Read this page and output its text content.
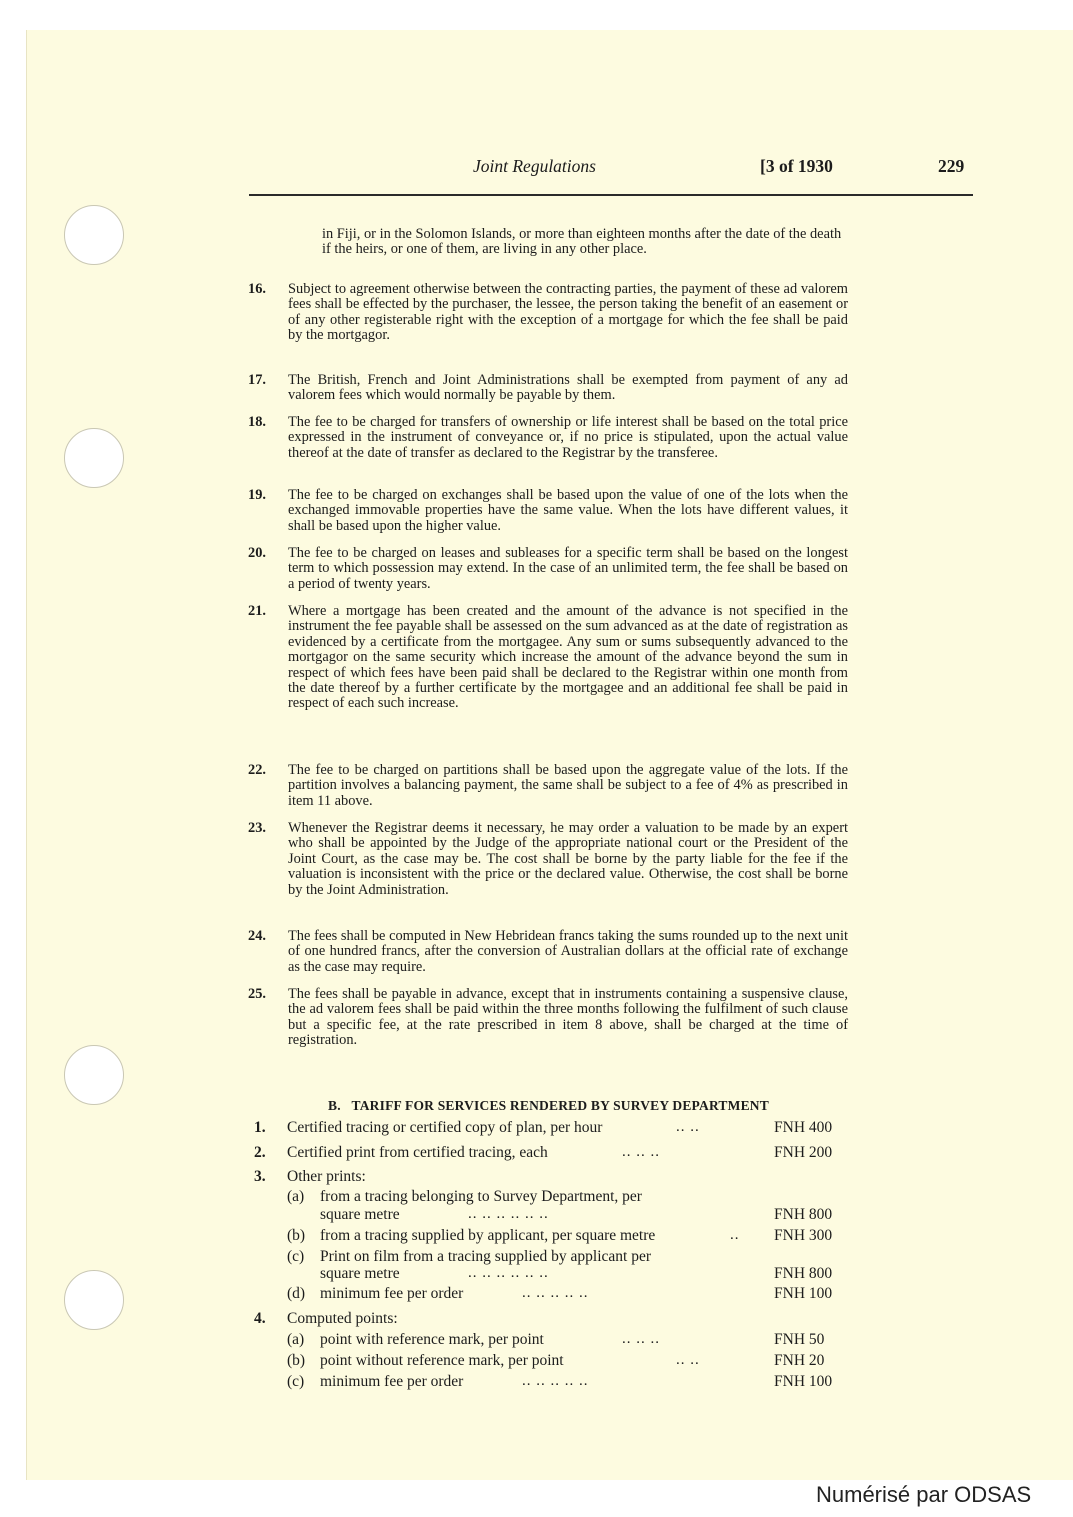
Joint Regulations	[3 of 1930	229
in Fiji, or in the Solomon Islands, or more than eighteen months after the date of the death if the heirs, or one of them, are living in any other place.
16.	Subject to agreement otherwise between the contracting parties, the payment of these ad valorem fees shall be effected by the purchaser, the lessee, the person taking the benefit of an easement or of any other registerable right with the exception of a mortgage for which the fee shall be paid by the mortgagor.
17.	The British, French and Joint Administrations shall be exempted from payment of any ad valorem fees which would normally be payable by them.
18.	The fee to be charged for transfers of ownership or life interest shall be based on the total price expressed in the instrument of conveyance or, if no price is stipulated, upon the actual value thereof at the date of transfer as declared to the Registrar by the transferee.
19.	The fee to be charged on exchanges shall be based upon the value of one of the lots when the exchanged immovable properties have the same value. When the lots have different values, it shall be based upon the higher value.
20.	The fee to be charged on leases and subleases for a specific term shall be based on the longest term to which possession may extend. In the case of an unlimited term, the fee shall be based on a period of twenty years.
21.	Where a mortgage has been created and the amount of the advance is not specified in the instrument the fee payable shall be assessed on the sum advanced as at the date of registration as evidenced by a certificate from the mortgagee. Any sum or sums subsequently advanced to the mortgagor on the same security which increase the amount of the advance beyond the sum in respect of which fees have been paid shall be declared to the Registrar within one month from the date thereof by a further certificate by the mortgagee and an additional fee shall be paid in respect of each such increase.
22.	The fee to be charged on partitions shall be based upon the aggregate value of the lots. If the partition involves a balancing payment, the same shall be subject to a fee of 4% as prescribed in item 11 above.
23.	Whenever the Registrar deems it necessary, he may order a valuation to be made by an expert who shall be appointed by the Judge of the appropriate national court or the President of the Joint Court, as the case may be. The cost shall be borne by the party liable for the fee if the valuation is inconsistent with the price or the declared value. Otherwise, the cost shall be borne by the Joint Administration.
24.	The fees shall be computed in New Hebridean francs taking the sums rounded up to the next unit of one hundred francs, after the conversion of Australian dollars at the official rate of exchange as the case may require.
25.	The fees shall be payable in advance, except that in instruments containing a suspensive clause, the ad valorem fees shall be paid within the three months following the fulfilment of such clause but a specific fee, at the rate prescribed in item 8 above, shall be charged at the time of registration.
B. TARIFF FOR SERVICES RENDERED BY SURVEY DEPARTMENT
1. Certified tracing or certified copy of plan, per hour	.. ..	FNH 400
2. Certified print from certified tracing, each	.. .. ..	FNH 200
3. Other prints:
(a) from a tracing belonging to Survey Department, per
square metre	.. .. .. .. .. ..	FNH 800
(b) from a tracing supplied by applicant, per square metre	.. FNH 300
(c) Print on film from a tracing supplied by applicant per
square metre	.. .. .. .. .. ..	FNH 800
(d) minimum fee per order	.. .. .. .. ..	FNH 100
4. Computed points:
(a) point with reference mark, per point	.. .. ..	FNH 50
(b) point without reference mark, per point	.. ..	FNH 20
(c) minimum fee per order	.. .. .. .. ..	FNH 100
Numérisé par ODSAS
